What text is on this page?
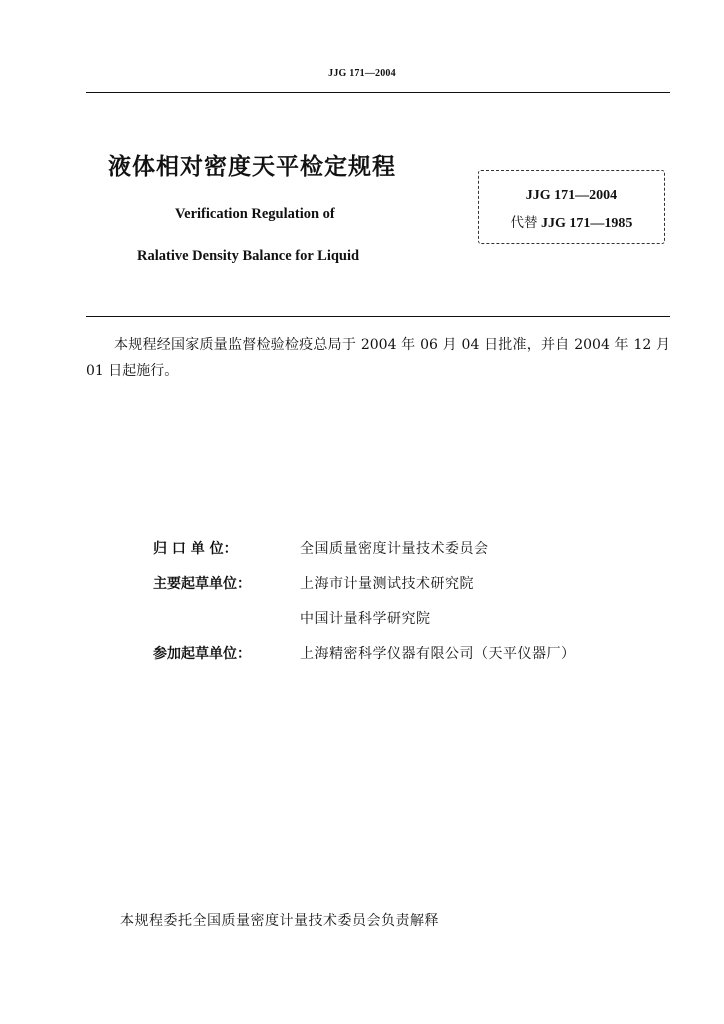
JJG 171—2004
液体相对密度天平检定规程
Verification Regulation of
Ralative Density Balance for Liquid
JJG 171—2004
代替 JJG 171—1985
本规程经国家质量监督检验检疫总局于 2004 年 06 月 04 日批准，并自 2004 年 12 月 01 日起施行。
归 口 单 位：	全国质量密度计量技术委员会
主要起草单位：	上海市计量测试技术研究院
中国计量科学研究院
参加起草单位：	上海精密科学仪器有限公司（天平仪器厂）
本规程委托全国质量密度计量技术委员会负责解释
